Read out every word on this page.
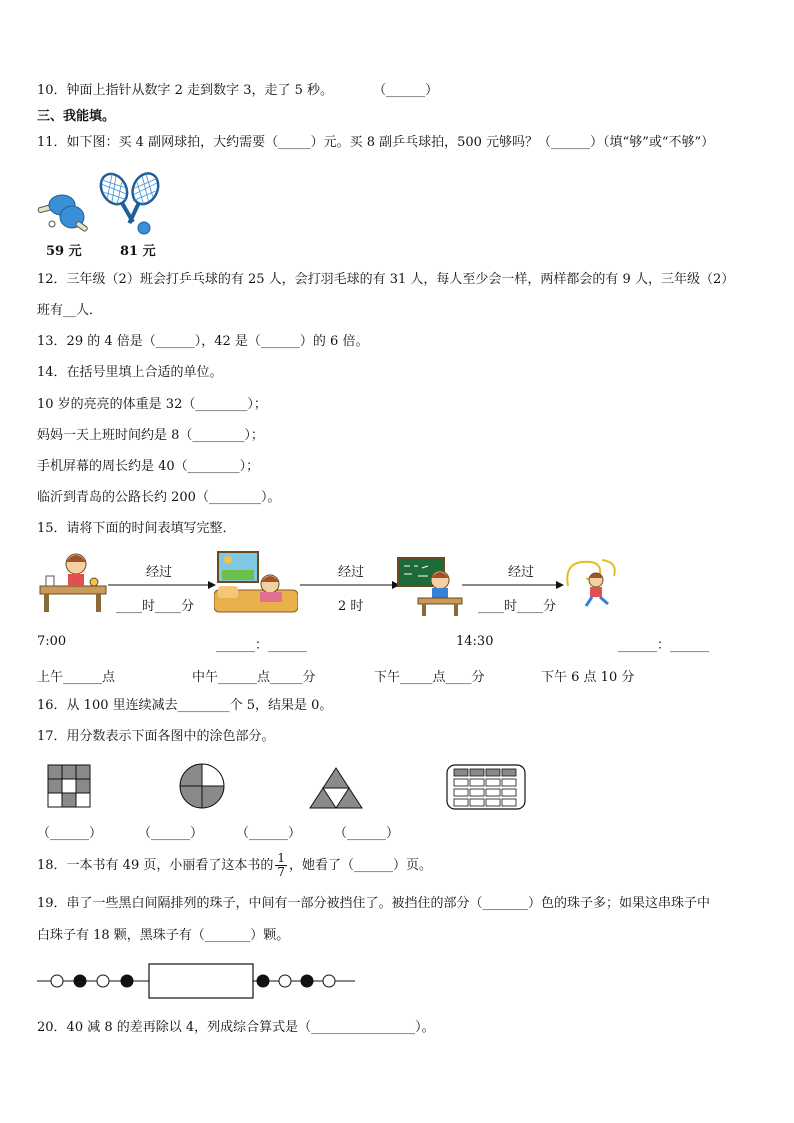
10．钟面上指针从数字 2 走到数字 3，走了 5 秒。	（______）
三、我能填。
11．如下图：买 4 副网球拍，大约需要（_____）元。买 8 副乒乓球拍，500 元够吗？（______）（填“够”或“不够”）
59 元	81 元
12．三年级（2）班会打乒乓球的有 25 人，会打羽毛球的有 31 人，每人至少会一样，两样都会的有 9 人，三年级（2）
班有__人．
13．29 的 4 倍是（______），42 是（______）的 6 倍。
14．在括号里填上合适的单位。
10 岁的亮亮的体重是 32（________）；
妈妈一天上班时间约是 8（________）；
手机屏幕的周长约是 40（________）；
临沂到青岛的公路长约 200（________）。
15．请将下面的时间表填写完整．
经过
____时____分
经过
2 时
经过
____时____分
7:00	______：______	14:30	______：______
上午______点	中午______点_____分	下午_____点____分	下午 6 点 10 分
16．从 100 里连续减去________个 5，结果是 0。
17．用分数表示下面各图中的涂色部分。
（______）	（______）	（______）	（______）
18．一本书有 49 页，小丽看了这本书的 $\frac{1}{7}$ ，她看了（______）页。
19．串了一些黑白间隔排列的珠子，中间有一部分被挡住了。被挡住的部分（_______）色的珠子多；如果这串珠子中
白珠子有 18 颗，黑珠子有（_______）颗。
20．40 减 8 的差再除以 4，列成综合算式是（________________）。
